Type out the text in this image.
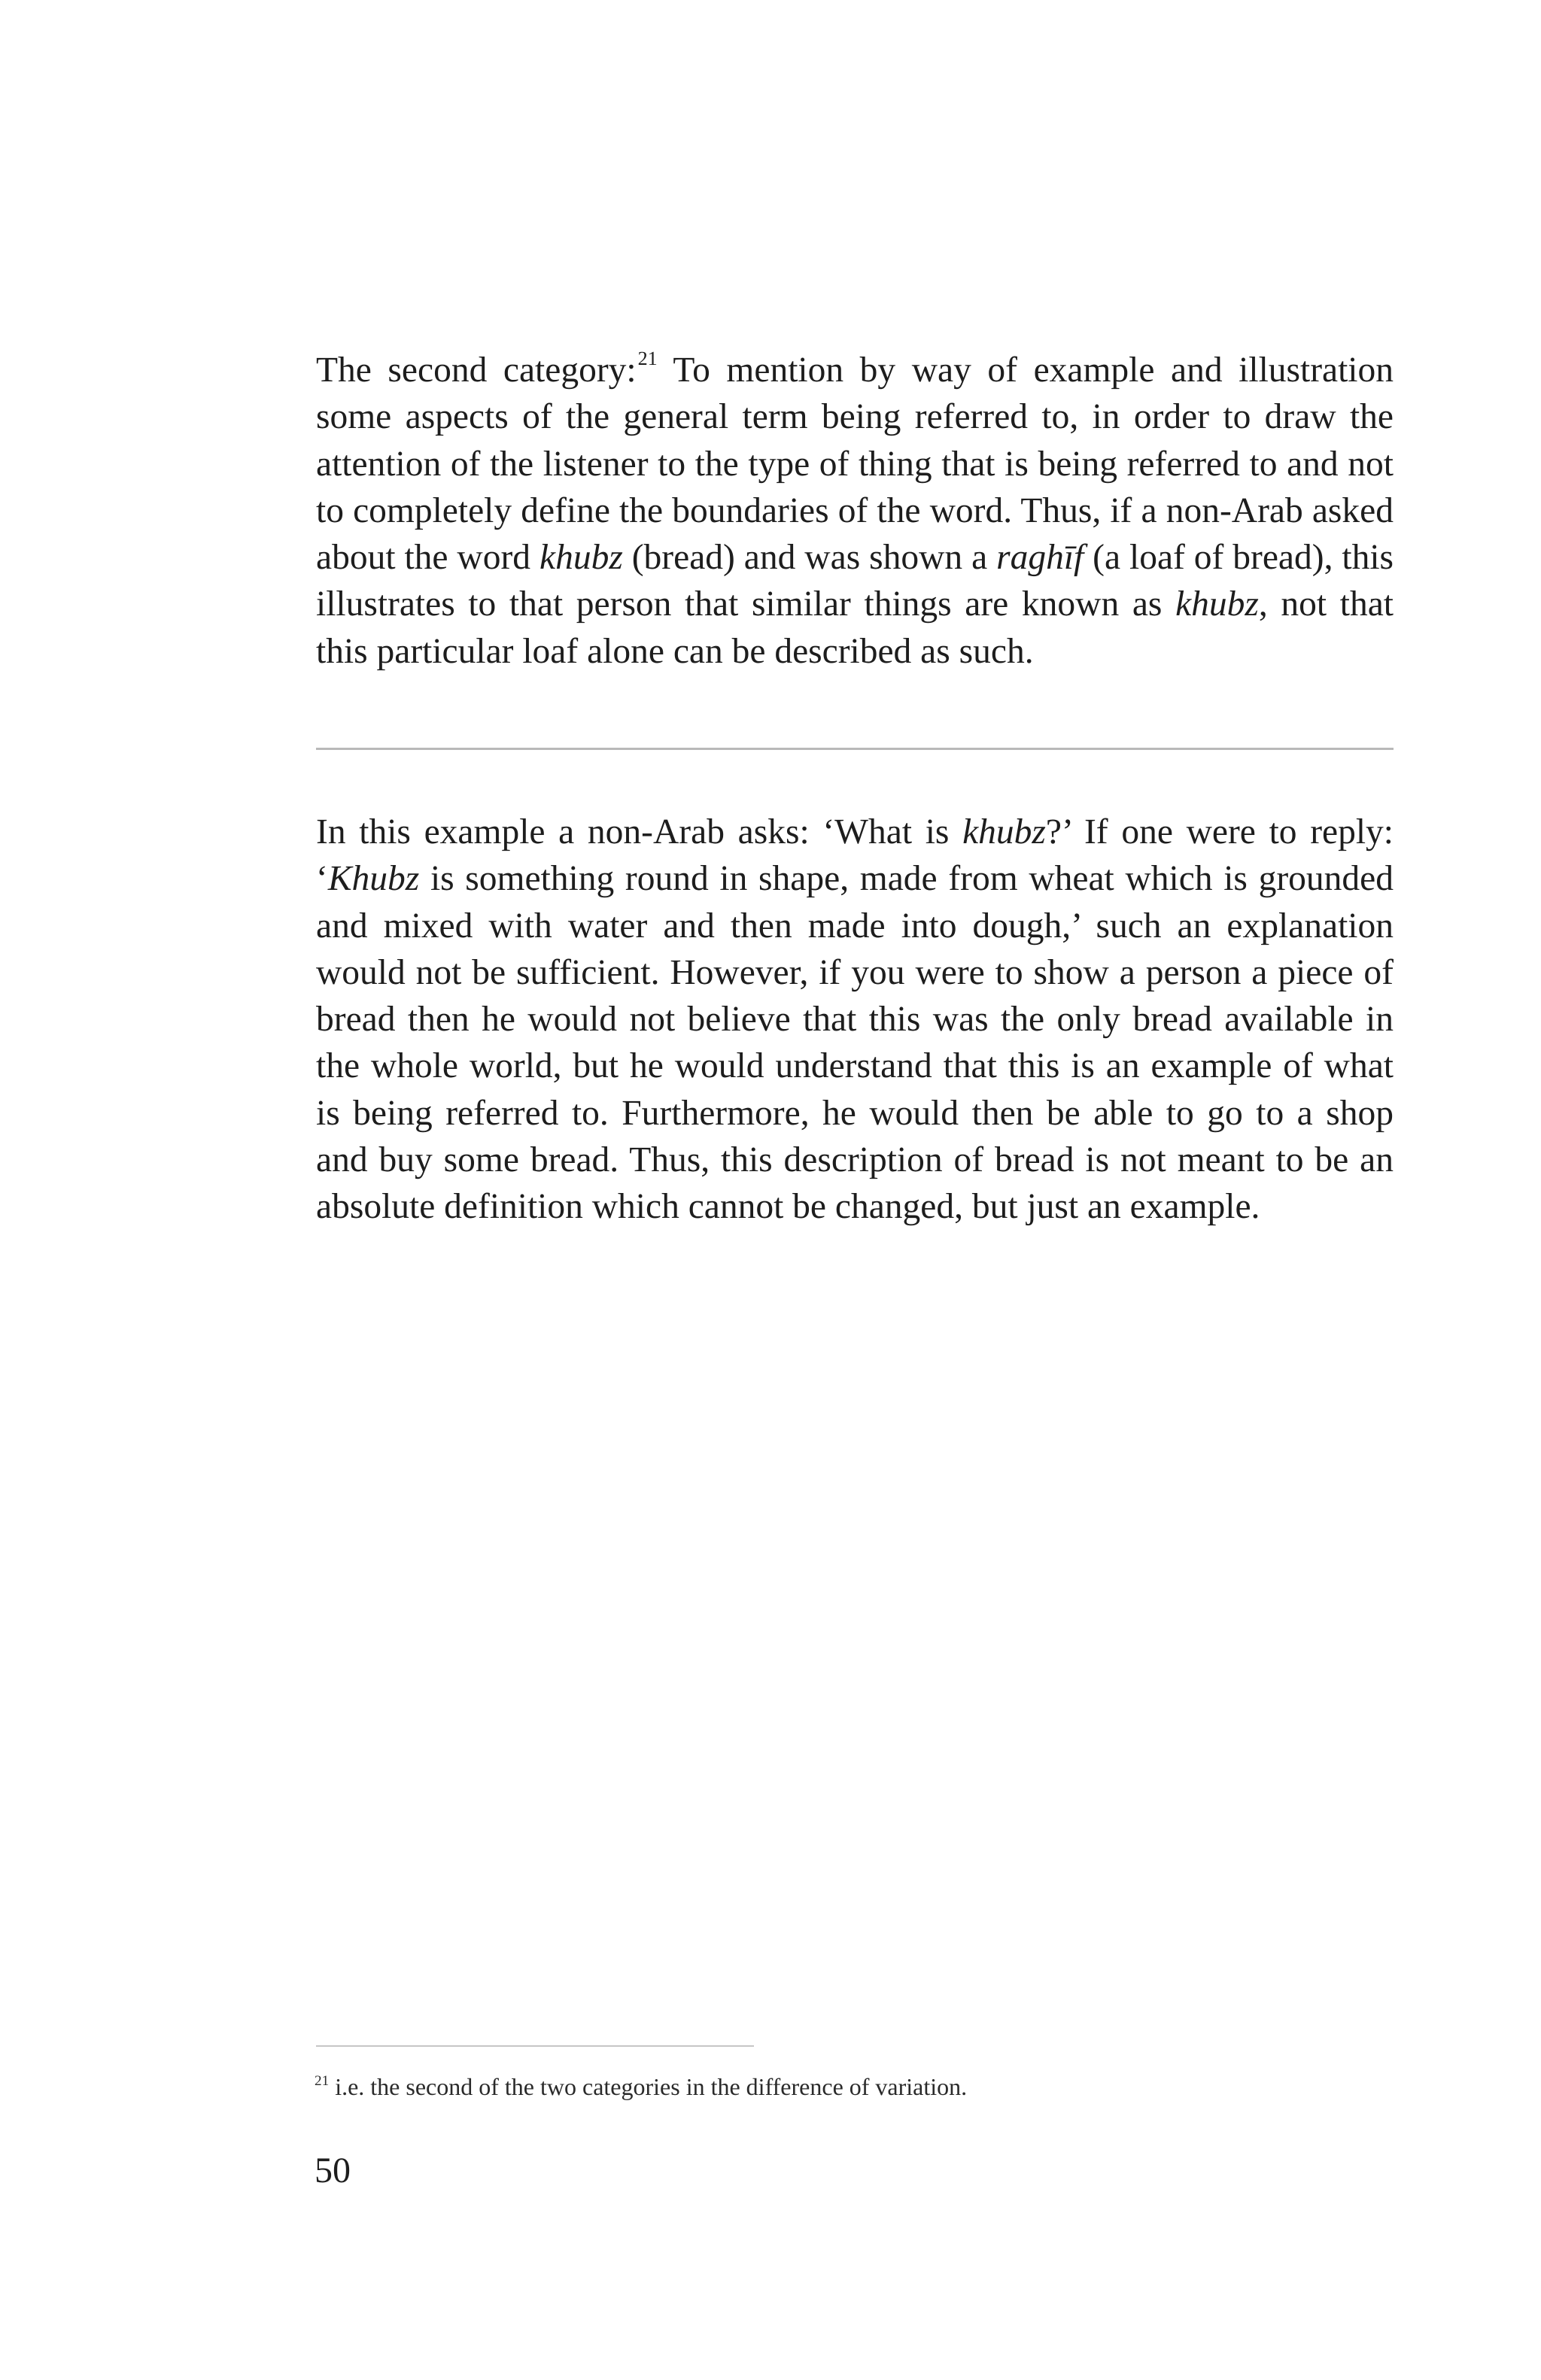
The second category:$^{21}$ To mention by way of example and illustration some aspects of the general term being referred to, in order to draw the attention of the listener to the type of thing that is being referred to and not to completely define the boundaries of the word. Thus, if a non-Arab asked about the word khubz (bread) and was shown a raghīf (a loaf of bread), this illustrates to that person that similar things are known as khubz, not that this particular loaf alone can be described as such.

In this example a non-Arab asks: ‘What is khubz?’ If one were to reply: ‘Khubz is something round in shape, made from wheat which is grounded and mixed with water and then made into dough,’ such an explanation would not be sufficient. However, if you were to show a person a piece of bread then he would not believe that this was the only bread available in the whole world, but he would understand that this is an example of what is being referred to. Furthermore, he would then be able to go to a shop and buy some bread. Thus, this description of bread is not meant to be an absolute definition which cannot be changed, but just an example.

$^{21}$ i.e. the second of the two categories in the difference of variation.

50
